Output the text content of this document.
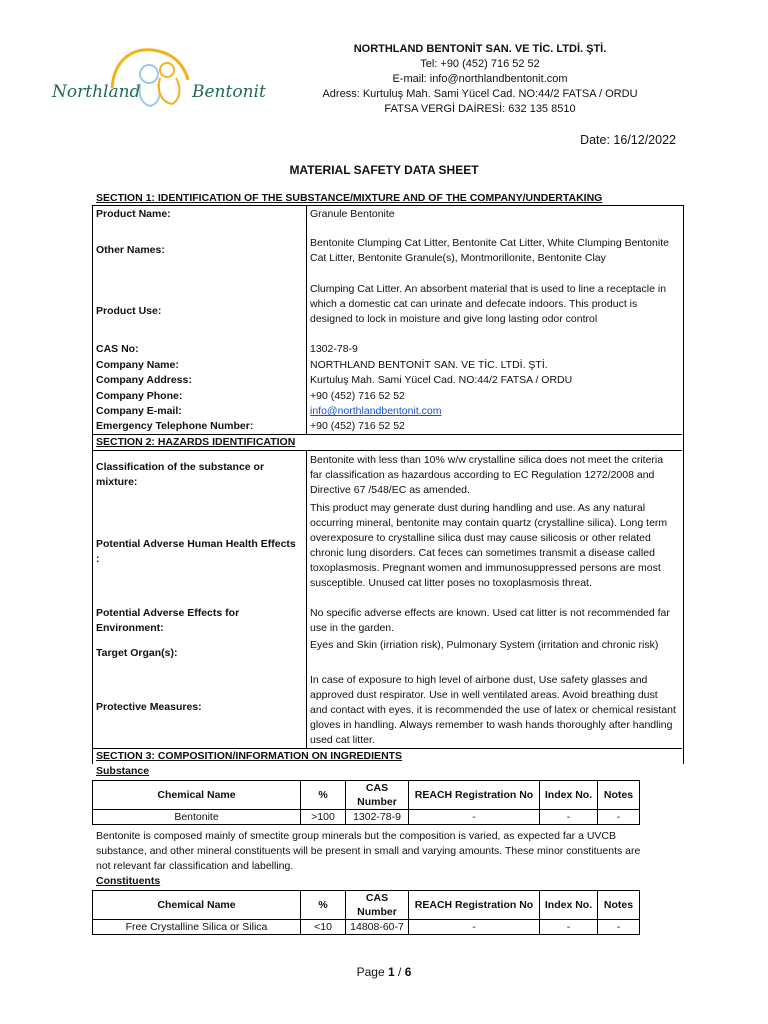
Northland	Bentonit
NORTHLAND BENTONİT SAN. VE TİC. LTDİ. ŞTİ.
Tel: +90 (452) 716 52 52
E-mail: info@northlandbentonit.com
Adress: Kurtuluş Mah. Sami Yücel Cad. NO:44/2 FATSA / ORDU
FATSA VERGİ DAİRESİ: 632 135 8510
Date: 16/12/2022
MATERIAL SAFETY DATA SHEET
SECTION 1: IDENTIFICATION OF THE SUBSTANCE/MIXTURE AND OF THE COMPANY/UNDERTAKING
Product Name:	Granule Bentonite
Other Names:
Bentonite Clumping Cat Litter, Bentonite Cat Litter, White Clumping Bentonite Cat Litter, Bentonite Granule(s), Montmorillonite, Bentonite Clay
Product Use:
Clumping Cat Litter. An absorbent material that is used to line a receptacle in which a domestic cat can urinate and defecate indoors. This product is designed to lock in moisture and give long lasting odor control
CAS No:	1302-78-9
Company Name:	NORTHLAND BENTONİT SAN. VE TİC. LTDİ. ŞTİ.
Company Address:	Kurtuluş Mah. Sami Yücel Cad. NO:44/2 FATSA / ORDU
Company Phone:	+90 (452) 716 52 52
Company E-mail:	info@northlandbentonit.com
Emergency Telephone Number:	+90 (452) 716 52 52
SECTION 2: HAZARDS IDENTIFICATION
Classification of the substance or mixture:
Bentonite with less than 10% w/w crystalline silica does not meet the criteria far classification as hazardous according to EC Regulation 1272/2008 and Directive 67 /548/EC as amended.
Potential Adverse Human Health Effects :
This product may generate dust during handling and use. As any natural occurring mineral, bentonite may contain quartz (crystalline silica). Long term overexposure to crystalline silica dust may cause silicosis or other related chronic lung disorders. Cat feces can sometimes transmit a disease called toxoplasmosis. Pregnant women and immunosuppressed persons are most susceptible. Unused cat litter poses no toxoplasmosis threat.
Potential Adverse Effects for Environment:
No specific adverse effects are known. Used cat litter is not recommended far use in the garden.
Target Organ(s):
Eyes and Skin (irriation risk), Pulmonary System (irritation and chronic risk)
Protective Measures:
In case of exposure to high level of airbone dust, Use safety glasses and approved dust respirator. Use in well ventilated areas. Avoid breathing dust and contact with eyes. it is recommended the use of latex or chemical resistant gloves in handling. Always remember to wash hands thoroughly after handling used cat litter.
SECTION 3: COMPOSITION/INFORMATION ON INGREDIENTS
Substance
Chemical Name	%	CAS Number	REACH Registration No	Index No.	Notes
Bentonite	>100	1302-78-9	-	-	-
Bentonite is composed mainly of smectite group minerals but the composition is varied, as expected far a UVCB substance, and other mineral constituents will be present in small and varying amounts. These minor constituents are not relevant far classification and labelling.
Constituents
Chemical Name	%	CAS Number	REACH Registration No	Index No.	Notes
Free Crystalline Silica or Silica	<10	14808-60-7	-	-	-
Page 1 / 6
